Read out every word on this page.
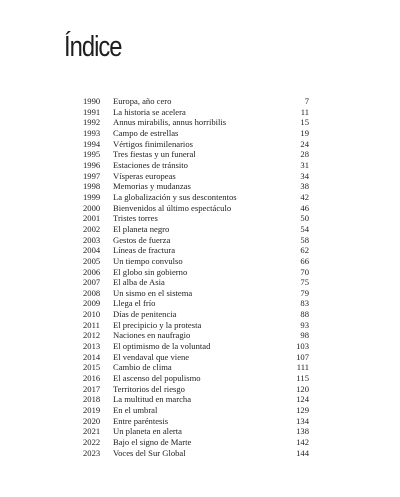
Índice
1990	Europa, año cero	7
1991	La historia se acelera	11
1992	Annus mirabilis, annus horribilis	15
1993	Campo de estrellas	19
1994	Vértigos finimilenarios	24
1995	Tres fiestas y un funeral	28
1996	Estaciones de tránsito	31
1997	Vísperas europeas	34
1998	Memorias y mudanzas	38
1999	La globalización y sus descontentos	42
2000	Bienvenidos al último espectáculo	46
2001	Tristes torres	50
2002	El planeta negro	54
2003	Gestos de fuerza	58
2004	Líneas de fractura	62
2005	Un tiempo convulso	66
2006	El globo sin gobierno	70
2007	El alba de Asia	75
2008	Un sismo en el sistema	79
2009	Llega el frío	83
2010	Días de penitencia	88
2011	El precipicio y la protesta	93
2012	Naciones en naufragio	98
2013	El optimismo de la voluntad	103
2014	El vendaval que viene	107
2015	Cambio de clima	111
2016	El ascenso del populismo	115
2017	Territorios del riesgo	120
2018	La multitud en marcha	124
2019	En el umbral	129
2020	Entre paréntesis	134
2021	Un planeta en alerta	138
2022	Bajo el signo de Marte	142
2023	Voces del Sur Global	144
